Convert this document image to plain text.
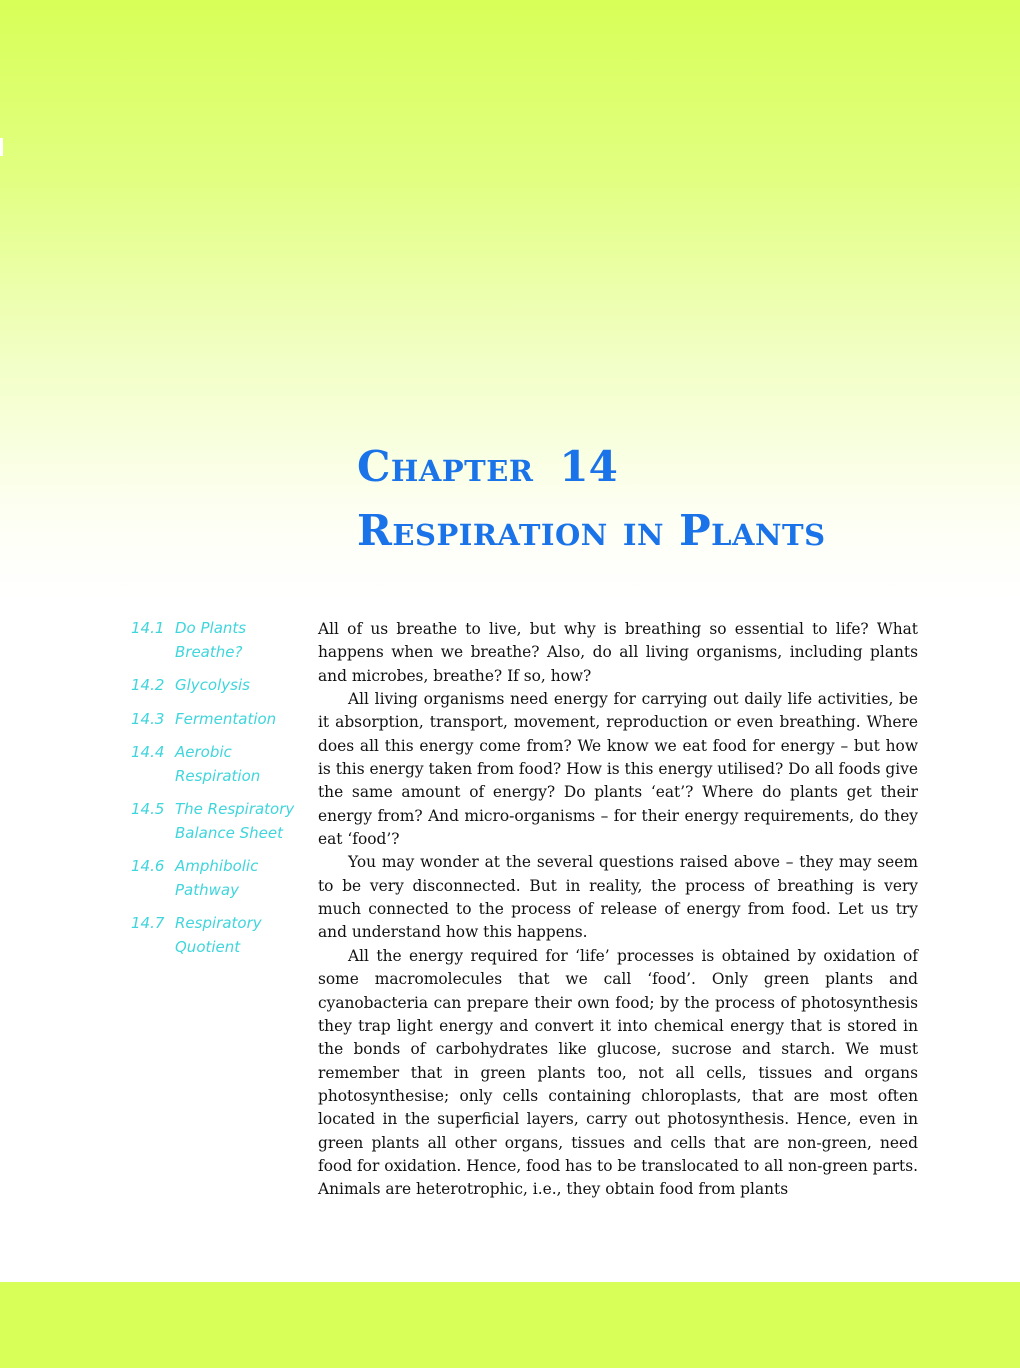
Chapter 14
Respiration in Plants
14.1 Do Plants Breathe?
14.2 Glycolysis
14.3 Fermentation
14.4 Aerobic Respiration
14.5 The Respiratory Balance Sheet
14.6 Amphibolic Pathway
14.7 Respiratory Quotient

All of us breathe to live, but why is breathing so essential to life? What happens when we breathe? Also, do all living organisms, including plants and microbes, breathe? If so, how?

All living organisms need energy for carrying out daily life activities, be it absorption, transport, movement, reproduction or even breathing. Where does all this energy come from? We know we eat food for energy – but how is this energy taken from food? How is this energy utilised? Do all foods give the same amount of energy? Do plants ‘eat’? Where do plants get their energy from? And micro-organisms – for their energy requirements, do they eat ‘food’?

You may wonder at the several questions raised above – they may seem to be very disconnected. But in reality, the process of breathing is very much connected to the process of release of energy from food. Let us try and understand how this happens.

All the energy required for ‘life’ processes is obtained by oxidation of some macromolecules that we call ‘food’. Only green plants and cyanobacteria can prepare their own food; by the process of photosynthesis they trap light energy and convert it into chemical energy that is stored in the bonds of carbohydrates like glucose, sucrose and starch. We must remember that in green plants too, not all cells, tissues and organs photosynthesise; only cells containing chloroplasts, that are most often located in the superficial layers, carry out photosynthesis. Hence, even in green plants all other organs, tissues and cells that are non-green, need food for oxidation. Hence, food has to be translocated to all non-green parts. Animals are heterotrophic, i.e., they obtain food from plants
